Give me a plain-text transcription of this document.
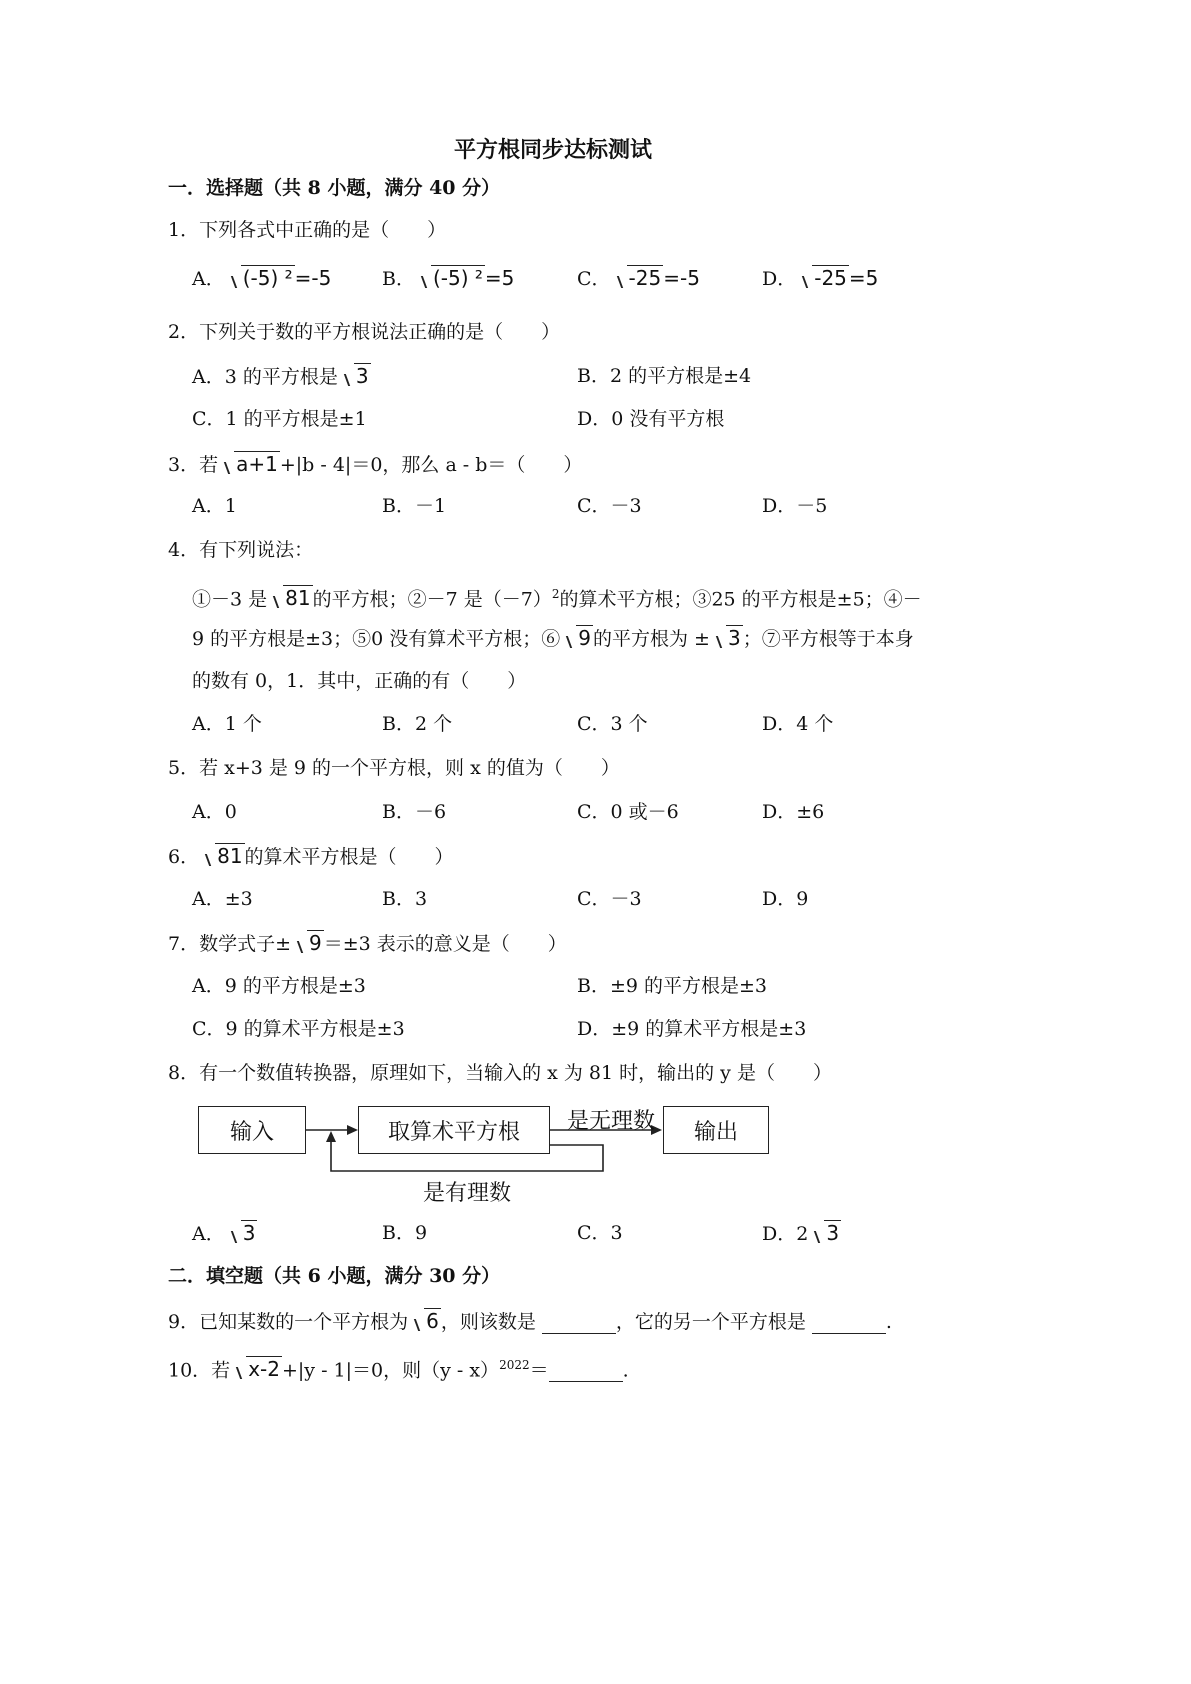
平方根同步达标测试
一．选择题（共 8 小题，满分 40 分）
1．下列各式中正确的是（　　）
A． (-5) ² =-5	B． (-5) ² =5	C． -25 =-5	D． -25 =5
2．下列关于数的平方根说法正确的是（　　）
A．3 的平方根是 3	B．2 的平方根是±4
C．1 的平方根是±1	D．0 没有平方根
3．若 a+1 +|b - 4|＝0，那么 a - b＝（　　）
A．1	B．－1	C．－3	D．－5
4．有下列说法：
①－3 是 81 的平方根；②－7 是$(-7)^2$的算术平方根；③25 的平方根是±5；④－
9 的平方根是±3；⑤0 没有算术平方根；⑥ 9 的平方根为 ± 3 ；⑦平方根等于本身
的数有 0，1．其中，正确的有（　　）
A．1 个	B．2 个	C．3 个	D．4 个
5．若 x+3 是 9 的一个平方根，则 x 的值为（　　）
A．0	B．－6	C．0 或－6	D．±6
6． 81 的算术平方根是（　　）
A．±3	B．3	C．－3	D．9
7．数学式子± 9 ＝±3 表示的意义是（　　）
A．9 的平方根是±3	B．±9 的平方根是±3
C．9 的算术平方根是±3	D．±9 的算术平方根是±3
8．有一个数值转换器，原理如下，当输入的 x 为 81 时，输出的 y 是（　　）
输入	取算术平方根	输出
是无理数
是有理数
A． 3	B．9	C．3	D．2 3
二．填空题（共 6 小题，满分 30 分）
9．已知某数的一个平方根为 6 ，则该数是	，它的另一个平方根是	.
10．若 x-2 +|y - 1|＝0，则（y - x）$^{2022}$＝	.
